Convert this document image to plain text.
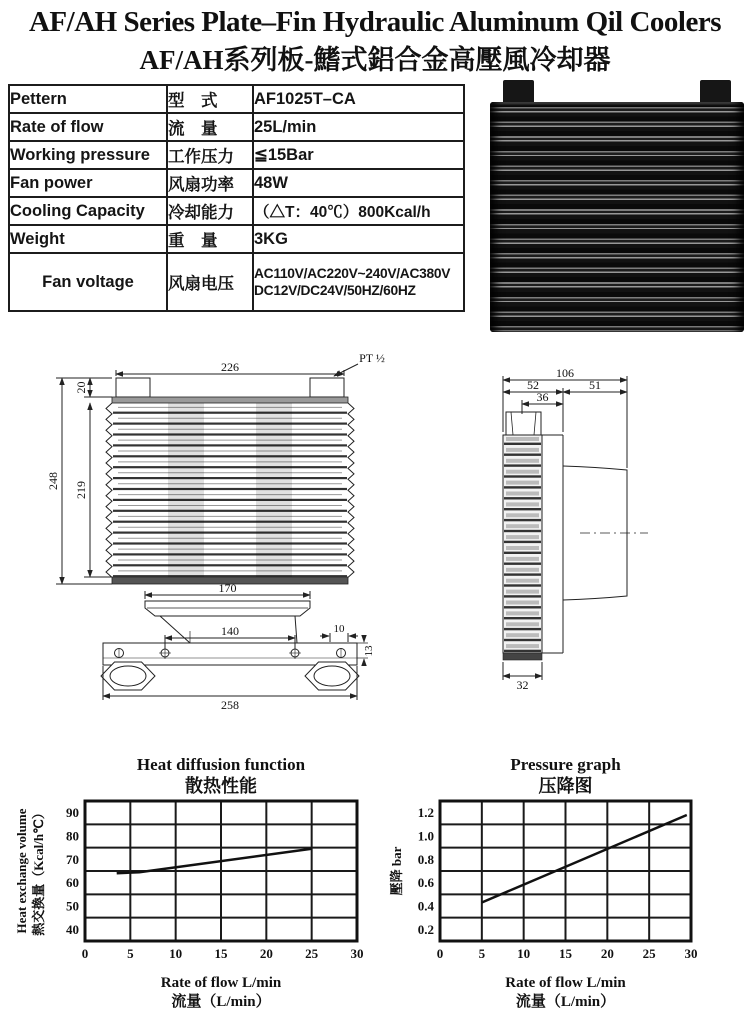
AF/AH Series Plate–Fin Hydraulic Aluminum Qil Coolers
AF/AH系列板-鰭式鋁合金高壓風冷却器
Pettern	型　式	AF1025T–CA

Rate of flow	流　量	25L/min

Working pressure	工作压力	≦15Bar

Fan power	风扇功率	48W

Cooling Capacity	冷却能力	（△T：40℃）800Kcal/h

Weight	重　量	3KG

Fan voltage	风扇电压	AC110V/AC220V~240V/AC380V
DC12V/DC24V/50HZ/60HZ
226
PT ½
248
20
219
170
140	10
13
258
106
52	51
36
32
Heat diffusion function
散热性能
0	5	10 15 20 25 30
90
80
70
60
50
40
Heat exchange volume 熱交換量（Kcal/h℃）
Rate of flow L/min
流量（L/min）
Pressure graph
压降图
0	5 10 15 20 25 30
1.2
1.0
0.8
0.6
0.4
0.2
壓降 bar
Rate of flow L/min
流量（L/min）
